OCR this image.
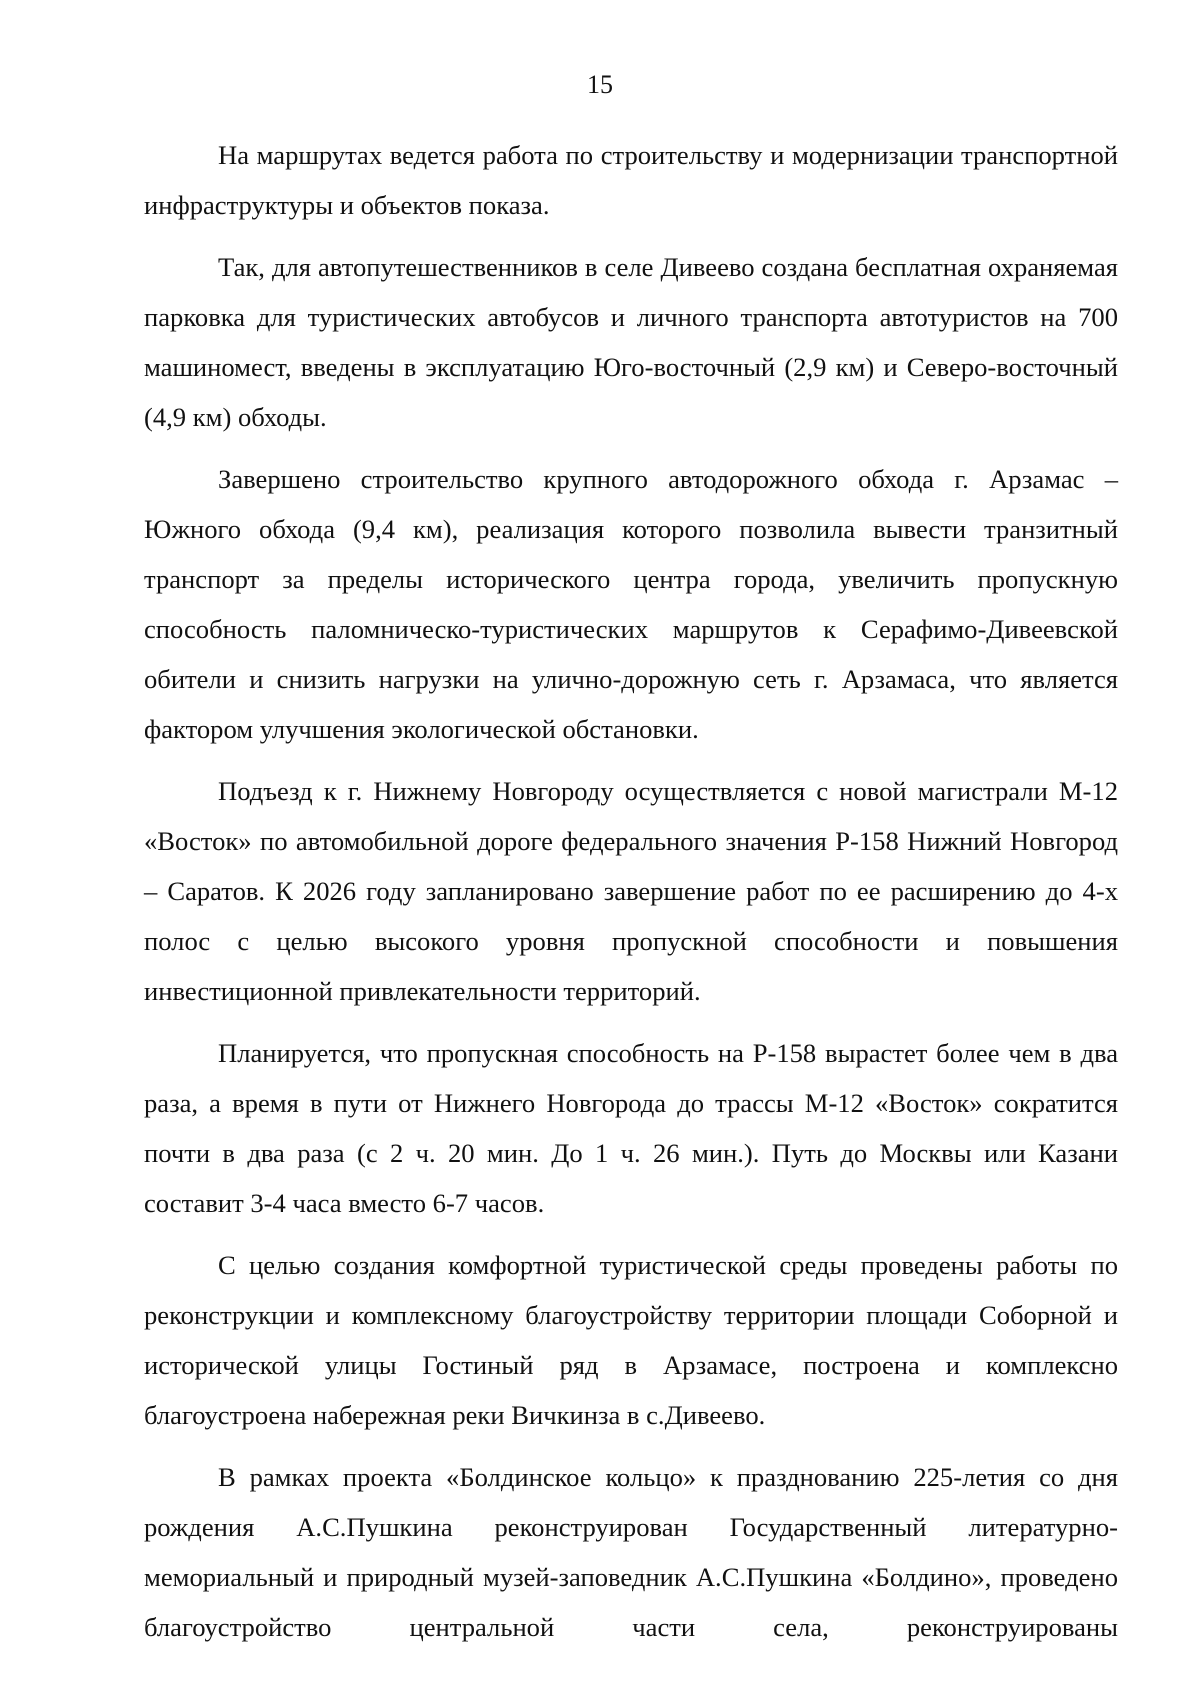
15

На маршрутах ведется работа по строительству и модернизации транспортной инфраструктуры и объектов показа.

Так, для автопутешественников в селе Дивеево создана бесплатная охраняемая парковка для туристических автобусов и личного транспорта автотуристов на 700 машиномест, введены в эксплуатацию Юго-восточный (2,9 км) и Северо-восточный (4,9 км) обходы.

Завершено строительство крупного автодорожного обхода г. Арзамас – Южного обхода (9,4 км), реализация которого позволила вывести транзитный транспорт за пределы исторического центра города, увеличить пропускную способность паломническо-туристических маршрутов к Серафимо-Дивеевской обители и снизить нагрузки на улично-дорожную сеть г. Арзамаса, что является фактором улучшения экологической обстановки.

Подъезд к г. Нижнему Новгороду осуществляется с новой магистрали М-12 «Восток» по автомобильной дороге федерального значения Р-158 Нижний Новгород – Саратов. К 2026 году запланировано завершение работ по ее расширению до 4-х полос с целью высокого уровня пропускной способности и повышения инвестиционной привлекательности территорий.

Планируется, что пропускная способность на Р-158 вырастет более чем в два раза, а время в пути от Нижнего Новгорода до трассы М-12 «Восток» сократится почти в два раза (с 2 ч. 20 мин. До 1 ч. 26 мин.). Путь до Москвы или Казани составит 3-4 часа вместо 6-7 часов.

С целью создания комфортной туристической среды проведены работы по реконструкции и комплексному благоустройству территории площади Соборной и исторической улицы Гостиный ряд в Арзамасе, построена и комплексно благоустроена набережная реки Вичкинза в с.Дивеево.

В рамках проекта «Болдинское кольцо» к празднованию 225-летия со дня рождения А.С.Пушкина реконструирован Государственный литературно-мемориальный и природный музей-заповедник А.С.Пушкина «Болдино», проведено благоустройство центральной части села, реконструированы
